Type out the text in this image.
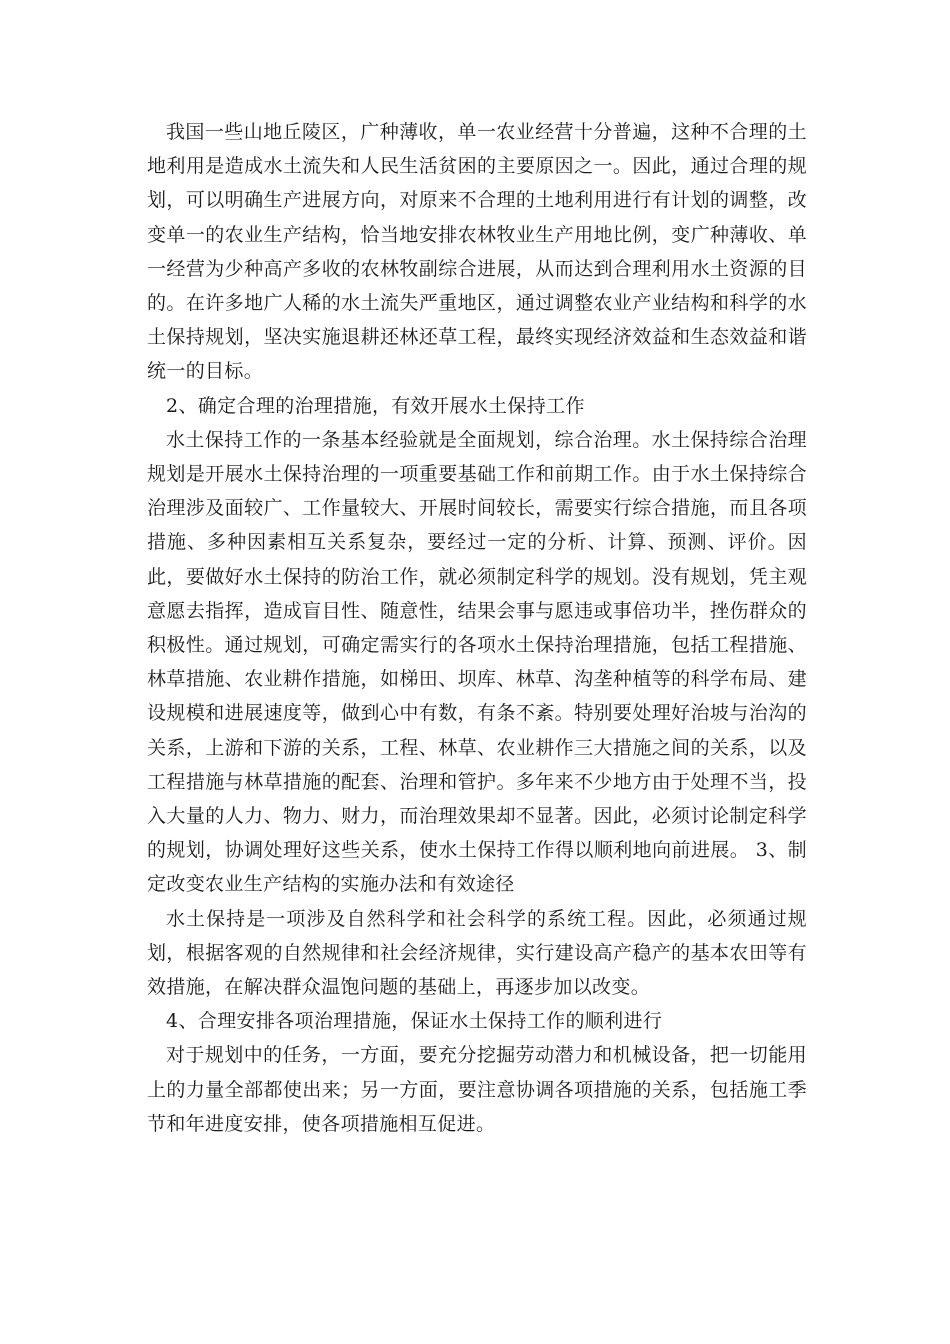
我国一些山地丘陵区，广种薄收，单一农业经营十分普遍，这种不合理的土地利用是造成水土流失和人民生活贫困的主要原因之一。因此，通过合理的规划，可以明确生产进展方向，对原来不合理的土地利用进行有计划的调整，改变单一的农业生产结构，恰当地安排农林牧业生产用地比例，变广种薄收、单一经营为少种高产多收的农林牧副综合进展，从而达到合理利用水土资源的目的。在许多地广人稀的水土流失严重地区，通过调整农业产业结构和科学的水土保持规划，坚决实施退耕还林还草工程，最终实现经济效益和生态效益和谐统一的目标。

2、确定合理的治理措施，有效开展水土保持工作

水土保持工作的一条基本经验就是全面规划，综合治理。水土保持综合治理规划是开展水土保持治理的一项重要基础工作和前期工作。由于水土保持综合治理涉及面较广、工作量较大、开展时间较长，需要实行综合措施，而且各项措施、多种因素相互关系复杂，要经过一定的分析、计算、预测、评价。因此，要做好水土保持的防治工作，就必须制定科学的规划。没有规划，凭主观意愿去指挥，造成盲目性、随意性，结果会事与愿违或事倍功半，挫伤群众的积极性。通过规划，可确定需实行的各项水土保持治理措施，包括工程措施、林草措施、农业耕作措施，如梯田、坝库、林草、沟垄种植等的科学布局、建设规模和进展速度等，做到心中有数，有条不紊。特别要处理好治坡与治沟的关系，上游和下游的关系，工程、林草、农业耕作三大措施之间的关系，以及工程措施与林草措施的配套、治理和管护。多年来不少地方由于处理不当，投入大量的人力、物力、财力，而治理效果却不显著。因此，必须讨论制定科学的规划，协调处理好这些关系，使水土保持工作得以顺利地向前进展。 3、制定改变农业生产结构的实施办法和有效途径

水土保持是一项涉及自然科学和社会科学的系统工程。因此，必须通过规划，根据客观的自然规律和社会经济规律，实行建设高产稳产的基本农田等有效措施，在解决群众温饱问题的基础上，再逐步加以改变。

4、合理安排各项治理措施，保证水土保持工作的顺利进行

对于规划中的任务，一方面，要充分挖掘劳动潜力和机械设备，把一切能用上的力量全部都使出来；另一方面，要注意协调各项措施的关系，包括施工季节和年进度安排，使各项措施相互促进。
